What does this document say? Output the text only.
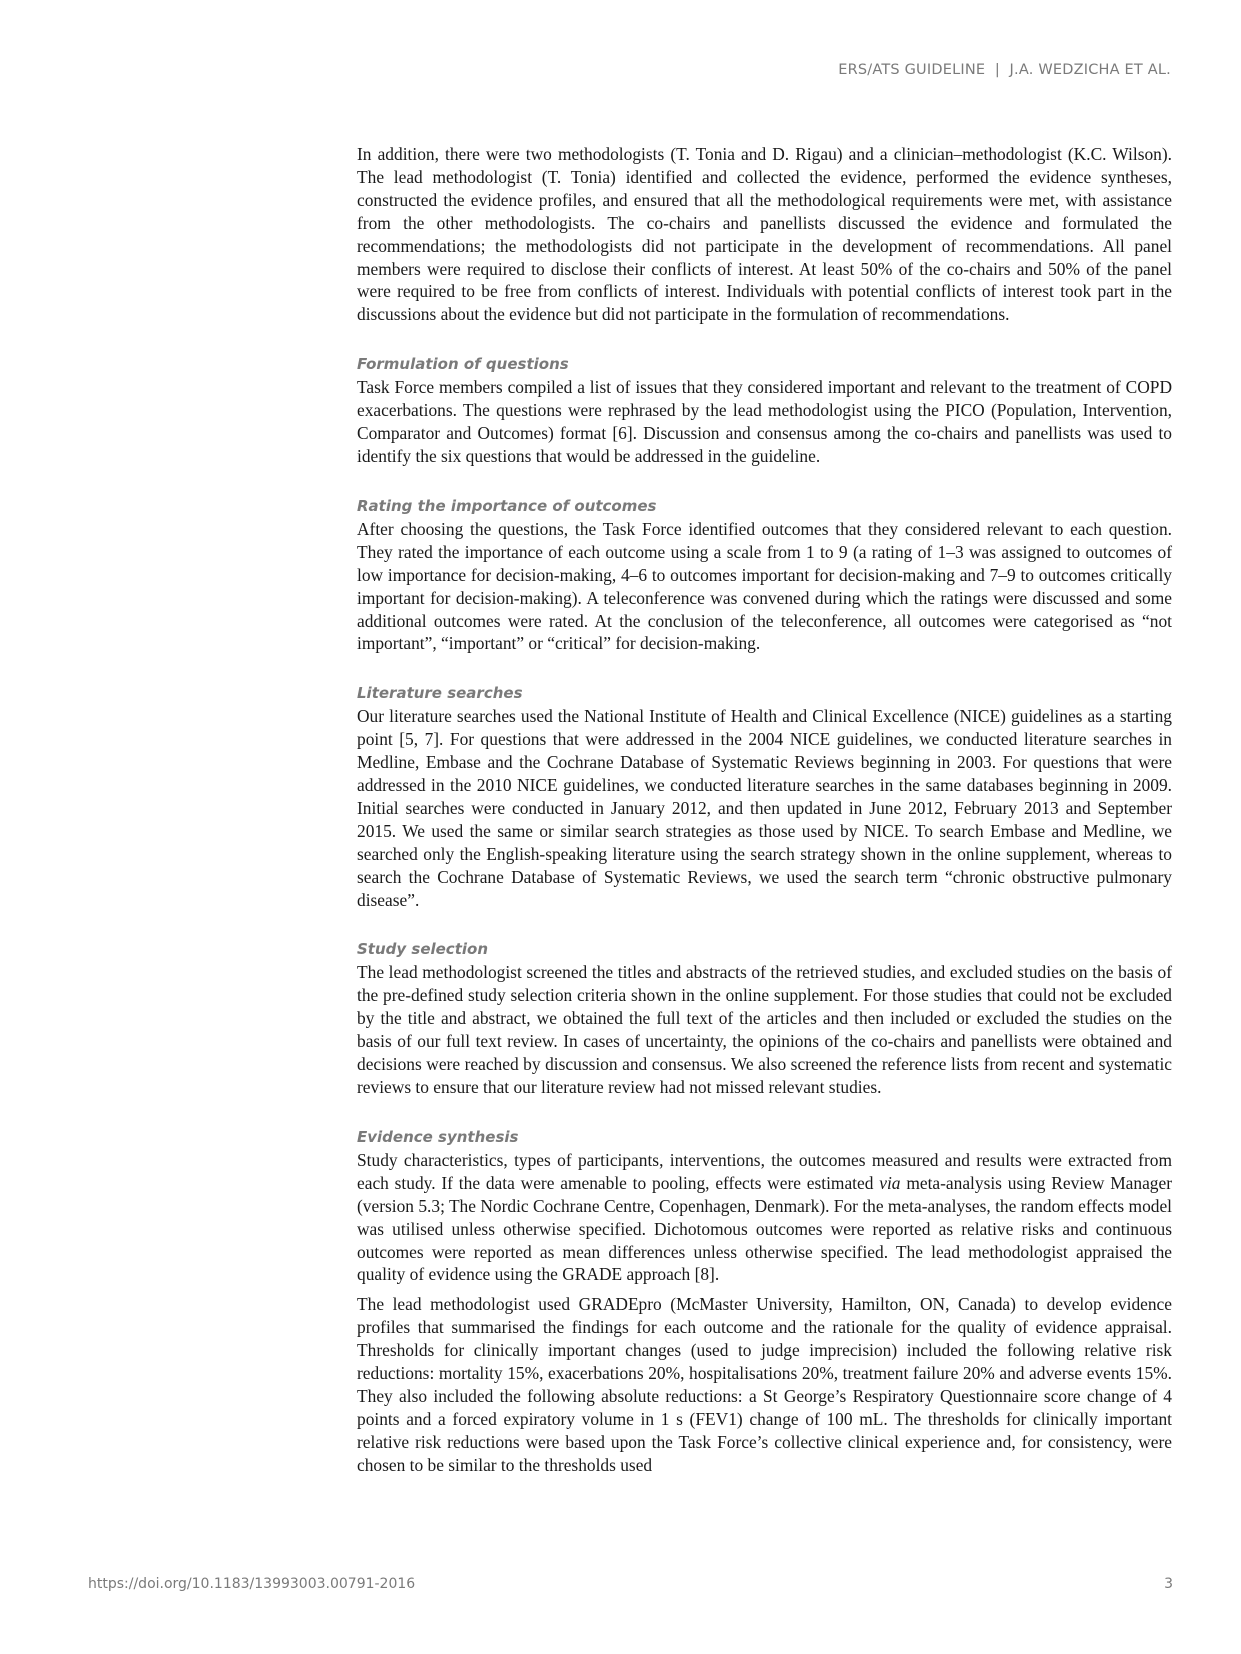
ERS/ATS GUIDELINE  |  J.A. WEDZICHA ET AL.

In addition, there were two methodologists (T. Tonia and D. Rigau) and a clinician–methodologist (K.C. Wilson). The lead methodologist (T. Tonia) identified and collected the evidence, performed the evidence syntheses, constructed the evidence profiles, and ensured that all the methodological requirements were met, with assistance from the other methodologists. The co-chairs and panellists discussed the evidence and formulated the recommendations; the methodologists did not participate in the development of recommendations. All panel members were required to disclose their conflicts of interest. At least 50% of the co-chairs and 50% of the panel were required to be free from conflicts of interest. Individuals with potential conflicts of interest took part in the discussions about the evidence but did not participate in the formulation of recommendations.

Formulation of questions

Task Force members compiled a list of issues that they considered important and relevant to the treatment of COPD exacerbations. The questions were rephrased by the lead methodologist using the PICO (Population, Intervention, Comparator and Outcomes) format [6]. Discussion and consensus among the co-chairs and panellists was used to identify the six questions that would be addressed in the guideline.

Rating the importance of outcomes

After choosing the questions, the Task Force identified outcomes that they considered relevant to each question. They rated the importance of each outcome using a scale from 1 to 9 (a rating of 1–3 was assigned to outcomes of low importance for decision-making, 4–6 to outcomes important for decision-making and 7–9 to outcomes critically important for decision-making). A teleconference was convened during which the ratings were discussed and some additional outcomes were rated. At the conclusion of the teleconference, all outcomes were categorised as “not important”, “important” or “critical” for decision-making.

Literature searches

Our literature searches used the National Institute of Health and Clinical Excellence (NICE) guidelines as a starting point [5, 7]. For questions that were addressed in the 2004 NICE guidelines, we conducted literature searches in Medline, Embase and the Cochrane Database of Systematic Reviews beginning in 2003. For questions that were addressed in the 2010 NICE guidelines, we conducted literature searches in the same databases beginning in 2009. Initial searches were conducted in January 2012, and then updated in June 2012, February 2013 and September 2015. We used the same or similar search strategies as those used by NICE. To search Embase and Medline, we searched only the English-speaking literature using the search strategy shown in the online supplement, whereas to search the Cochrane Database of Systematic Reviews, we used the search term “chronic obstructive pulmonary disease”.

Study selection

The lead methodologist screened the titles and abstracts of the retrieved studies, and excluded studies on the basis of the pre-defined study selection criteria shown in the online supplement. For those studies that could not be excluded by the title and abstract, we obtained the full text of the articles and then included or excluded the studies on the basis of our full text review. In cases of uncertainty, the opinions of the co-chairs and panellists were obtained and decisions were reached by discussion and consensus. We also screened the reference lists from recent and systematic reviews to ensure that our literature review had not missed relevant studies.

Evidence synthesis

Study characteristics, types of participants, interventions, the outcomes measured and results were extracted from each study. If the data were amenable to pooling, effects were estimated via meta-analysis using Review Manager (version 5.3; The Nordic Cochrane Centre, Copenhagen, Denmark). For the meta-analyses, the random effects model was utilised unless otherwise specified. Dichotomous outcomes were reported as relative risks and continuous outcomes were reported as mean differences unless otherwise specified. The lead methodologist appraised the quality of evidence using the GRADE approach [8].

The lead methodologist used GRADEpro (McMaster University, Hamilton, ON, Canada) to develop evidence profiles that summarised the findings for each outcome and the rationale for the quality of evidence appraisal. Thresholds for clinically important changes (used to judge imprecision) included the following relative risk reductions: mortality 15%, exacerbations 20%, hospitalisations 20%, treatment failure 20% and adverse events 15%. They also included the following absolute reductions: a St George’s Respiratory Questionnaire score change of 4 points and a forced expiratory volume in 1 s (FEV1) change of 100 mL. The thresholds for clinically important relative risk reductions were based upon the Task Force’s collective clinical experience and, for consistency, were chosen to be similar to the thresholds used

https://doi.org/10.1183/13993003.00791-2016	3
